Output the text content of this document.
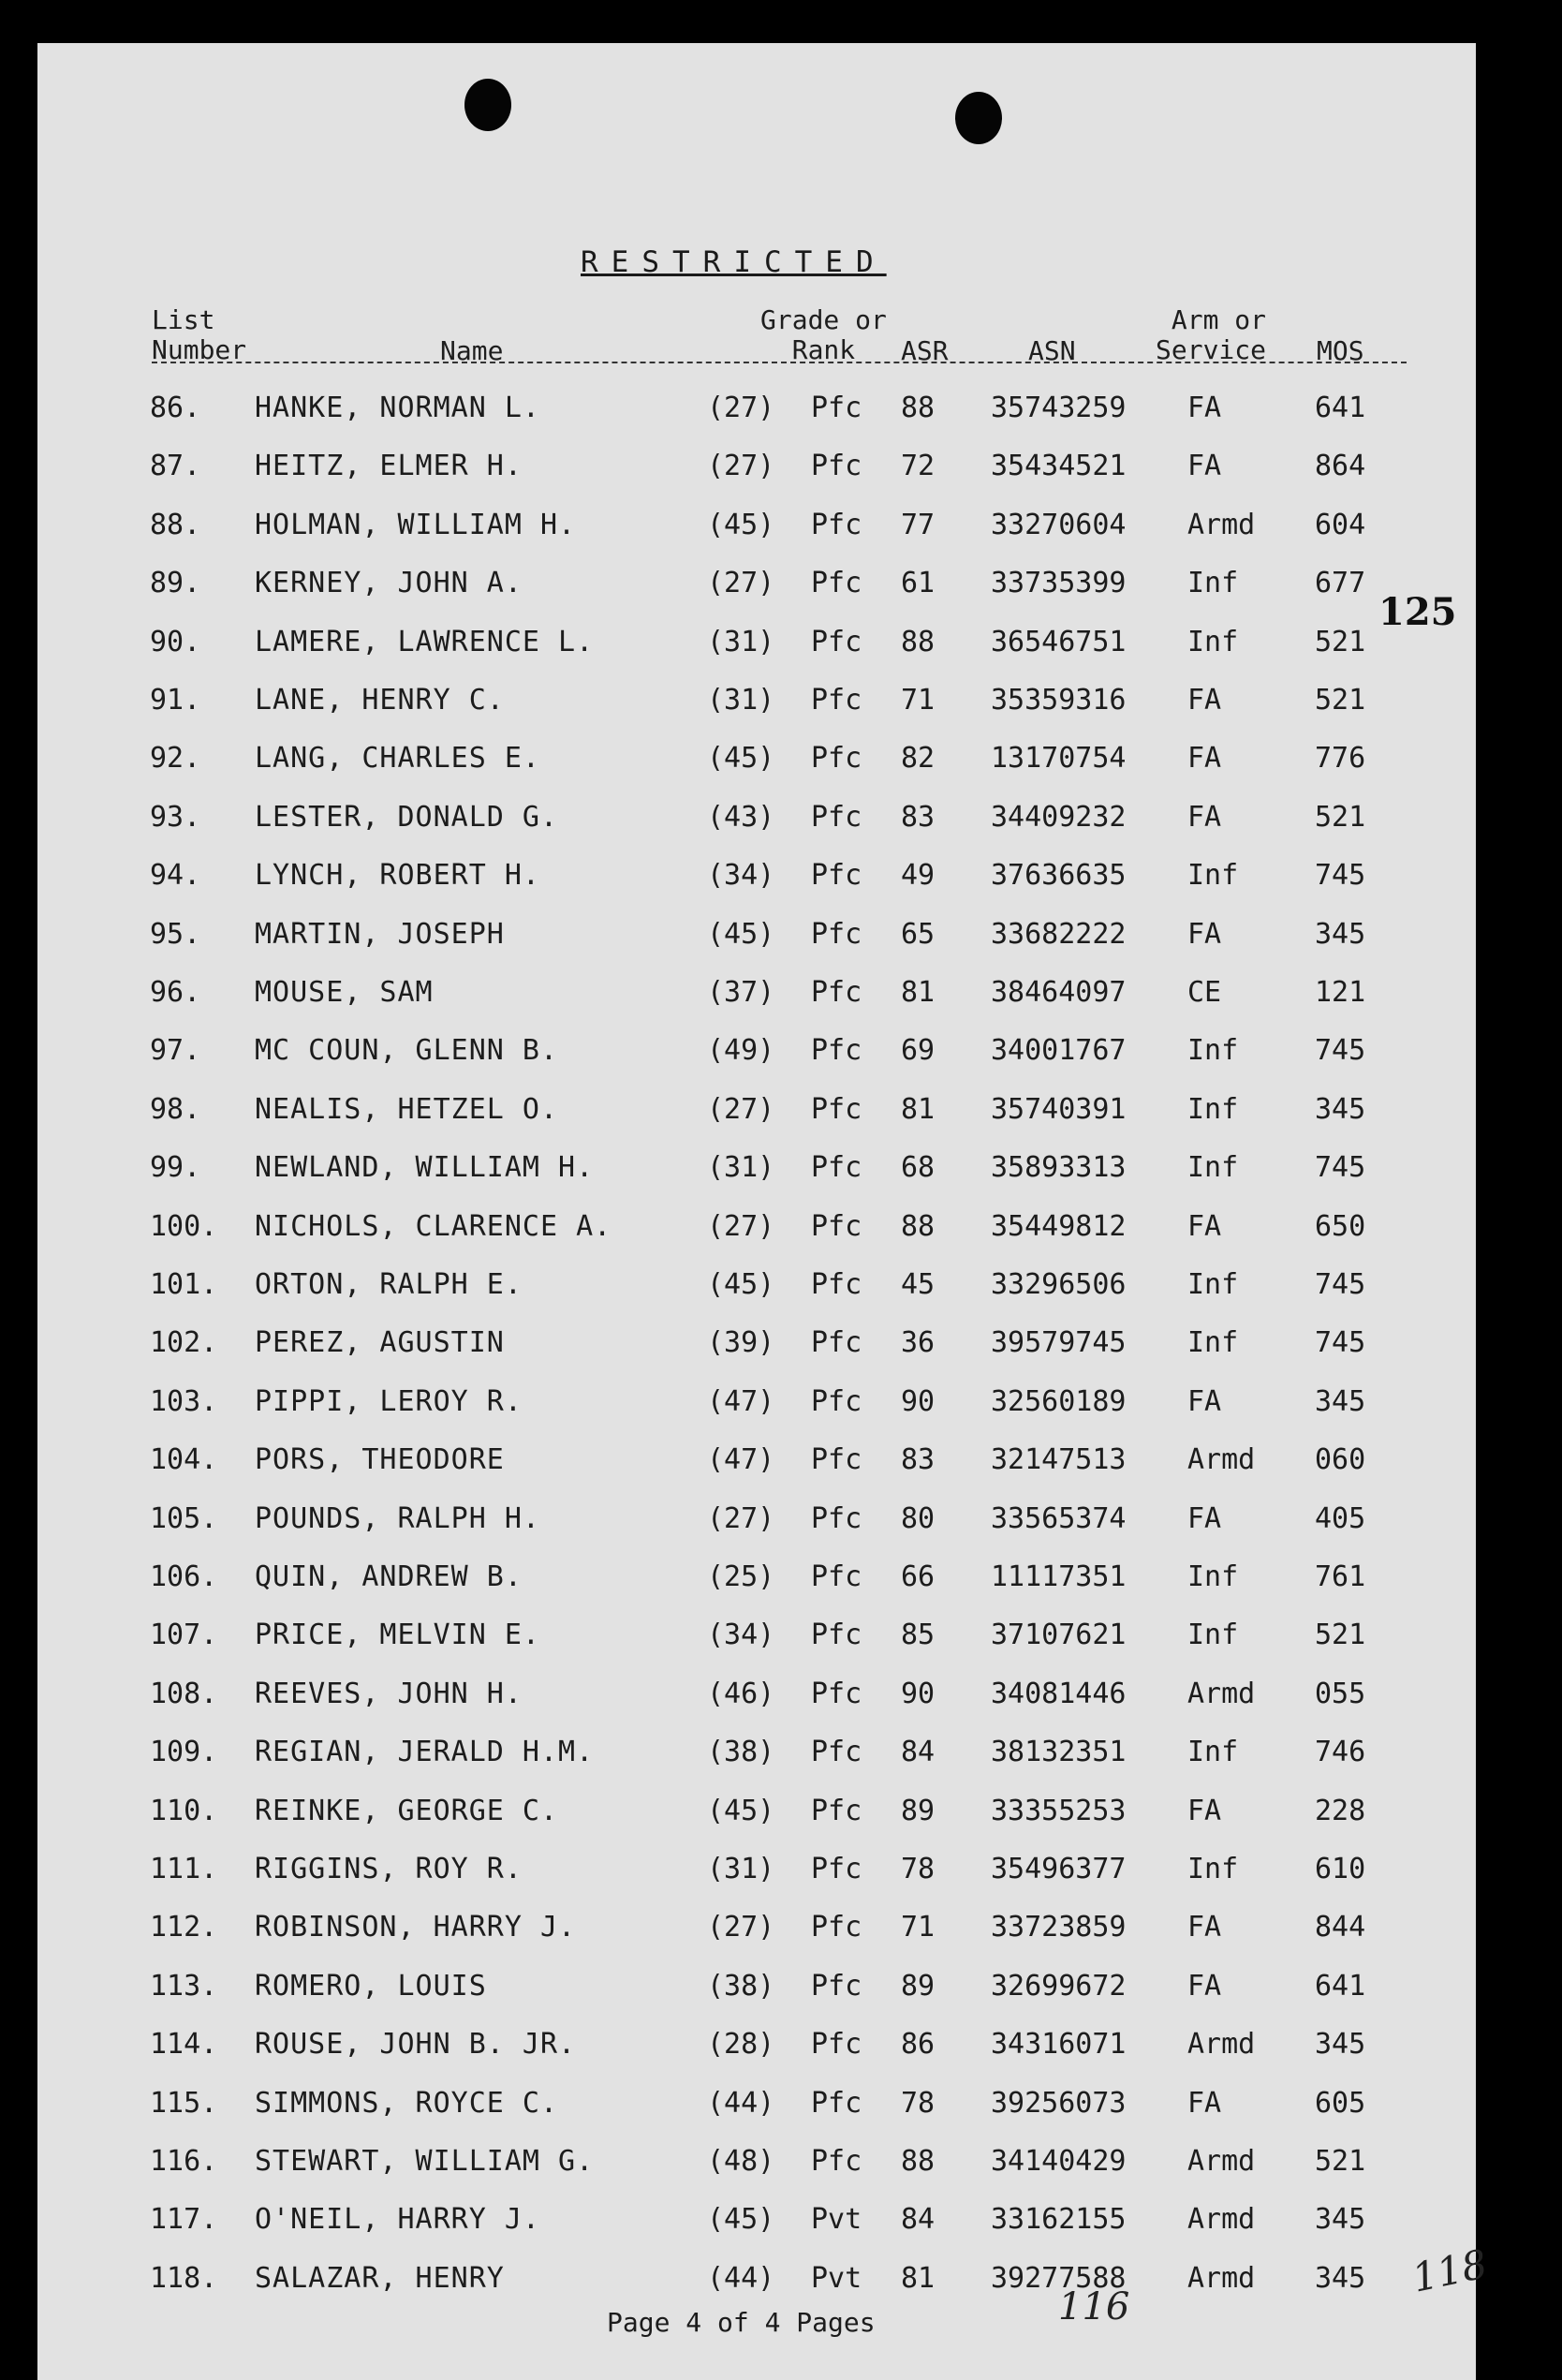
RESTRICTED
List
Number	Name
Grade or
Rank	ASR	ASN
Arm or
Service MOS
86. HANKE, NORMAN L.	(27) Pfc 88 35743259 FA	641
87. HEITZ, ELMER H.	(27) Pfc 72 35434521 FA	864
88. HOLMAN, WILLIAM H.	(45) Pfc 77 33270604 Armd 604
89. KERNEY, JOHN A.	(27) Pfc 61 33735399 Inf	677
90. LAMERE, LAWRENCE L.	(31) Pfc 88 36546751 Inf	521
91. LANE, HENRY C.	(31) Pfc 71 35359316 FA	521
92. LANG, CHARLES E.	(45) Pfc 82 13170754 FA	776
93. LESTER, DONALD G.	(43) Pfc 83 34409232 FA	521
94. LYNCH, ROBERT H.	(34) Pfc 49 37636635 Inf	745
95. MARTIN, JOSEPH	(45) Pfc 65 33682222 FA	345
96. MOUSE, SAM	(37) Pfc 81 38464097 CE	121
97. MC COUN, GLENN B.	(49) Pfc 69 34001767 Inf	745
98. NEALIS, HETZEL O.	(27) Pfc 81 35740391 Inf	345
99. NEWLAND, WILLIAM H.	(31) Pfc 68 35893313 Inf	745
100. NICHOLS, CLARENCE A.	(27) Pfc 88 35449812 FA	650
101. ORTON, RALPH E.	(45) Pfc 45 33296506 Inf	745
102. PEREZ, AGUSTIN	(39) Pfc 36 39579745 Inf	745
103. PIPPI, LEROY R.	(47) Pfc 90 32560189 FA	345
104. PORS, THEODORE	(47) Pfc 83 32147513 Armd 060
105. POUNDS, RALPH H.	(27) Pfc 80 33565374 FA	405
106. QUIN, ANDREW B.	(25) Pfc 66 11117351 Inf	761
107. PRICE, MELVIN E.	(34) Pfc 85 37107621 Inf	521
108. REEVES, JOHN H.	(46) Pfc 90 34081446 Armd 055
109. REGIAN, JERALD H.M.	(38) Pfc 84 38132351 Inf	746
110. REINKE, GEORGE C.	(45) Pfc 89 33355253 FA	228
111. RIGGINS, ROY R.	(31) Pfc 78 35496377 Inf	610
112. ROBINSON, HARRY J.	(27) Pfc 71 33723859 FA	844
113. ROMERO, LOUIS	(38) Pfc 89 32699672 FA	641
114. ROUSE, JOHN B. JR.	(28) Pfc 86 34316071 Armd 345
115. SIMMONS, ROYCE C.	(44) Pfc 78 39256073 FA	605
116. STEWART, WILLIAM G.	(48) Pfc 88 34140429 Armd 521
117. O'NEIL, HARRY J.	(45) Pvt 84 33162155 Armd 345
118. SALAZAR, HENRY	(44) Pvt 81 39277588 Armd 345
125
Page 4 of 4 Pages	116
118
